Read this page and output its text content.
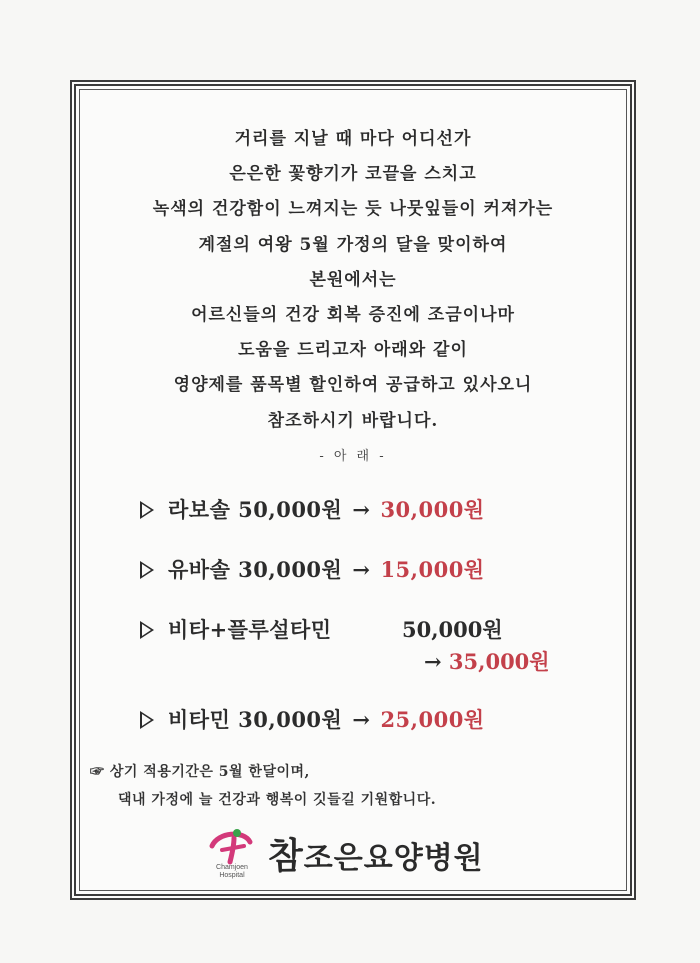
거리를 지날 때 마다 어디선가
은은한 꽃향기가 코끝을 스치고
녹색의 건강함이 느껴지는 듯 나뭇잎들이 커져가는
계절의 여왕 5월 가정의 달을 맞이하여
본원에서는
어르신들의 건강 회복 증진에 조금이나마
도움을 드리고자 아래와 같이
영양제를 품목별 할인하여 공급하고 있사오니
참조하시기 바랍니다.
- 아 래 -
라보솔 50,000원 → 30,000원
유바솔 30,000원 → 15,000원
비타+플루설타민	50,000원
→ 35,000원
비타민 30,000원 → 25,000원
☞ 상기 적용기간은 5월 한달이며,
댁내 가정에 늘 건강과 행복이 깃들길 기원합니다.
Chamjoen
Hospital 참조은요양병원
